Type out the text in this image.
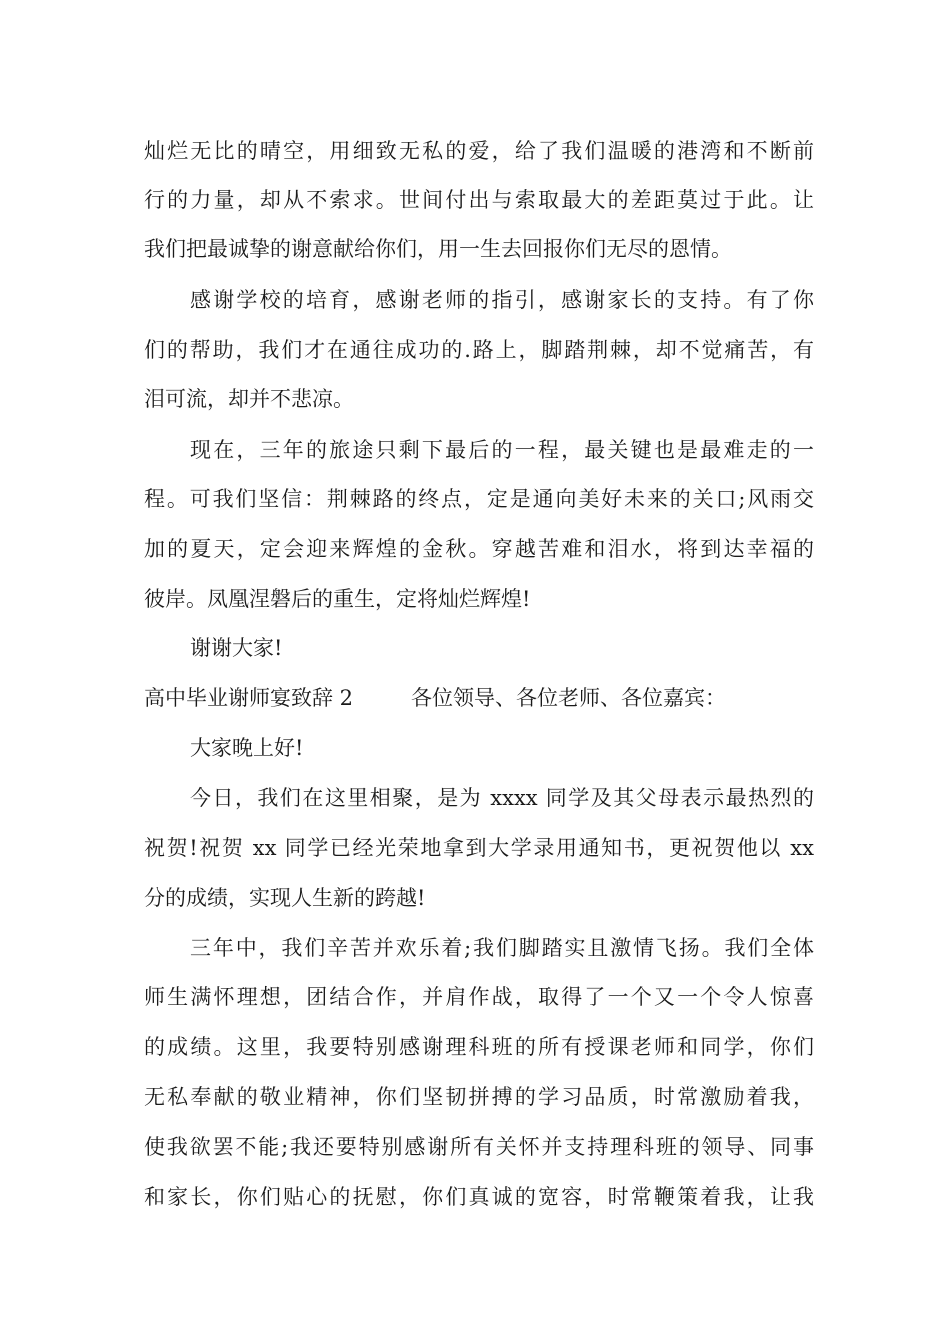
灿烂无比的晴空，用细致无私的爱，给了我们温暖的港湾和不断前
行的力量，却从不索求。世间付出与索取最大的差距莫过于此。让
我们把最诚挚的谢意献给你们，用一生去回报你们无尽的恩情。
感谢学校的培育，感谢老师的指引，感谢家长的支持。有了你
们的帮助，我们才在通往成功的.路上，脚踏荆棘，却不觉痛苦，有
泪可流，却并不悲凉。
现在，三年的旅途只剩下最后的一程，最关键也是最难走的一
程。可我们坚信：荆棘路的终点，定是通向美好未来的关口;风雨交
加的夏天，定会迎来辉煌的金秋。穿越苦难和泪水，将到达幸福的
彼岸。凤凰涅磐后的重生，定将灿烂辉煌!
谢谢大家!
高中毕业谢师宴致辞 2	各位领导、各位老师、各位嘉宾：
大家晚上好!
今日，我们在这里相聚，是为 xxxx 同学及其父母表示最热烈的
祝贺!祝贺 xx 同学已经光荣地拿到大学录用通知书，更祝贺他以 xx
分的成绩，实现人生新的跨越!
三年中，我们辛苦并欢乐着;我们脚踏实且激情飞扬。我们全体
师生满怀理想，团结合作，并肩作战，取得了一个又一个令人惊喜
的成绩。这里，我要特别感谢理科班的所有授课老师和同学，你们
无私奉献的敬业精神，你们坚韧拼搏的学习品质，时常激励着我，
使我欲罢不能;我还要特别感谢所有关怀并支持理科班的领导、同事
和家长，你们贴心的抚慰，你们真诚的宽容，时常鞭策着我，让我
